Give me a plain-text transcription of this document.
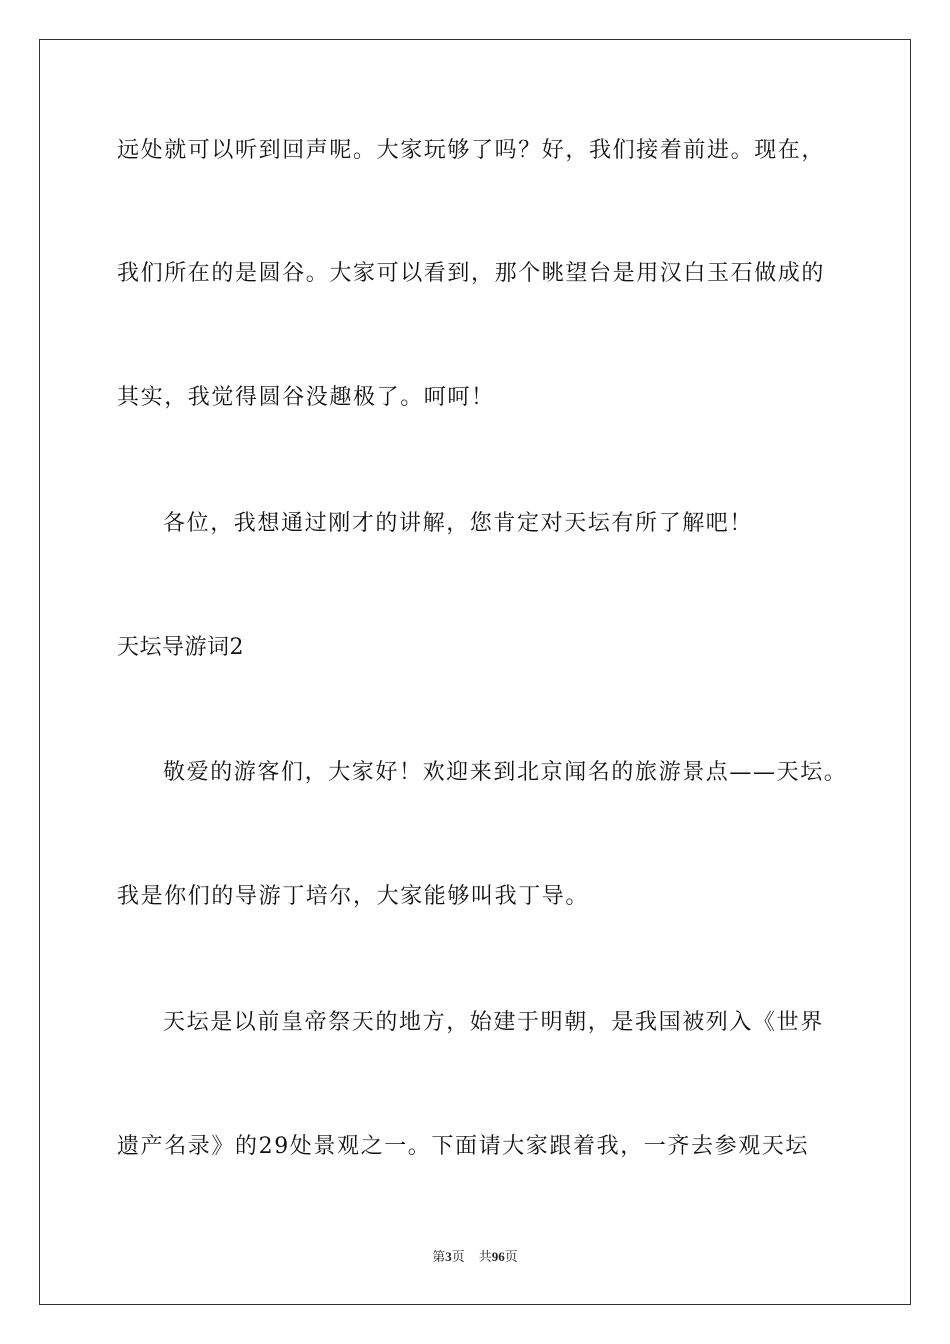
远处就可以听到回声呢。大家玩够了吗？好，我们接着前进。现在，
我们所在的是圆谷。大家可以看到，那个眺望台是用汉白玉石做成的
其实，我觉得圆谷没趣极了。呵呵！
各位，我想通过刚才的讲解，您肯定对天坛有所了解吧！
天坛导游词2
敬爱的游客们，大家好！欢迎来到北京闻名的旅游景点——天坛。
我是你们的导游丁培尔，大家能够叫我丁导。
天坛是以前皇帝祭天的地方，始建于明朝，是我国被列入《世界
遗产名录》的29处景观之一。下面请大家跟着我，一齐去参观天坛
第3页 共96页
